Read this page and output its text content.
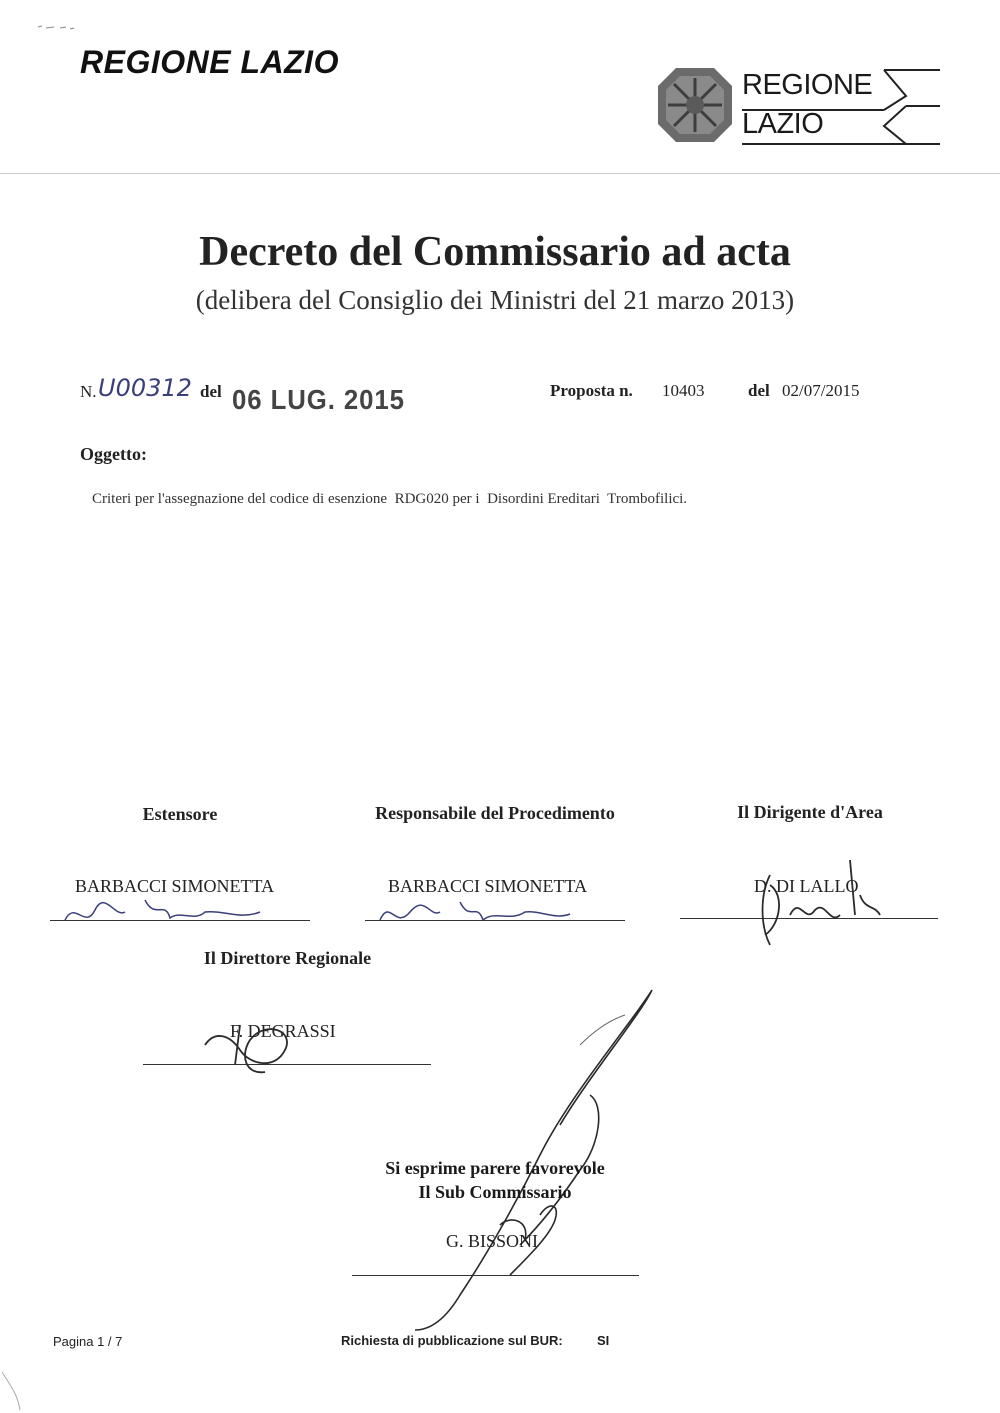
REGIONE LAZIO
REGIONE
LAZIO
Decreto del Commissario ad acta
(delibera del Consiglio dei Ministri del 21 marzo 2013)
N. U00312 del 06 LUG. 2015	Proposta n. 10403	del 02/07/2015
Oggetto:
Criteri per l'assegnazione del codice di esenzione  RDG020 per i  Disordini Ereditari  Trombofilici.
Estensore	Responsabile del Procedimento	Il Dirigente d'Area
BARBACCI SIMONETTA	BARBACCI SIMONETTA	D. DI LALLO
Il Direttore Regionale
F. DEGRASSI
Si esprime parere favorevole
Il Sub Commissario
G. BISSONI
Pagina 1 / 7	Richiesta di pubblicazione sul BUR:	SI
